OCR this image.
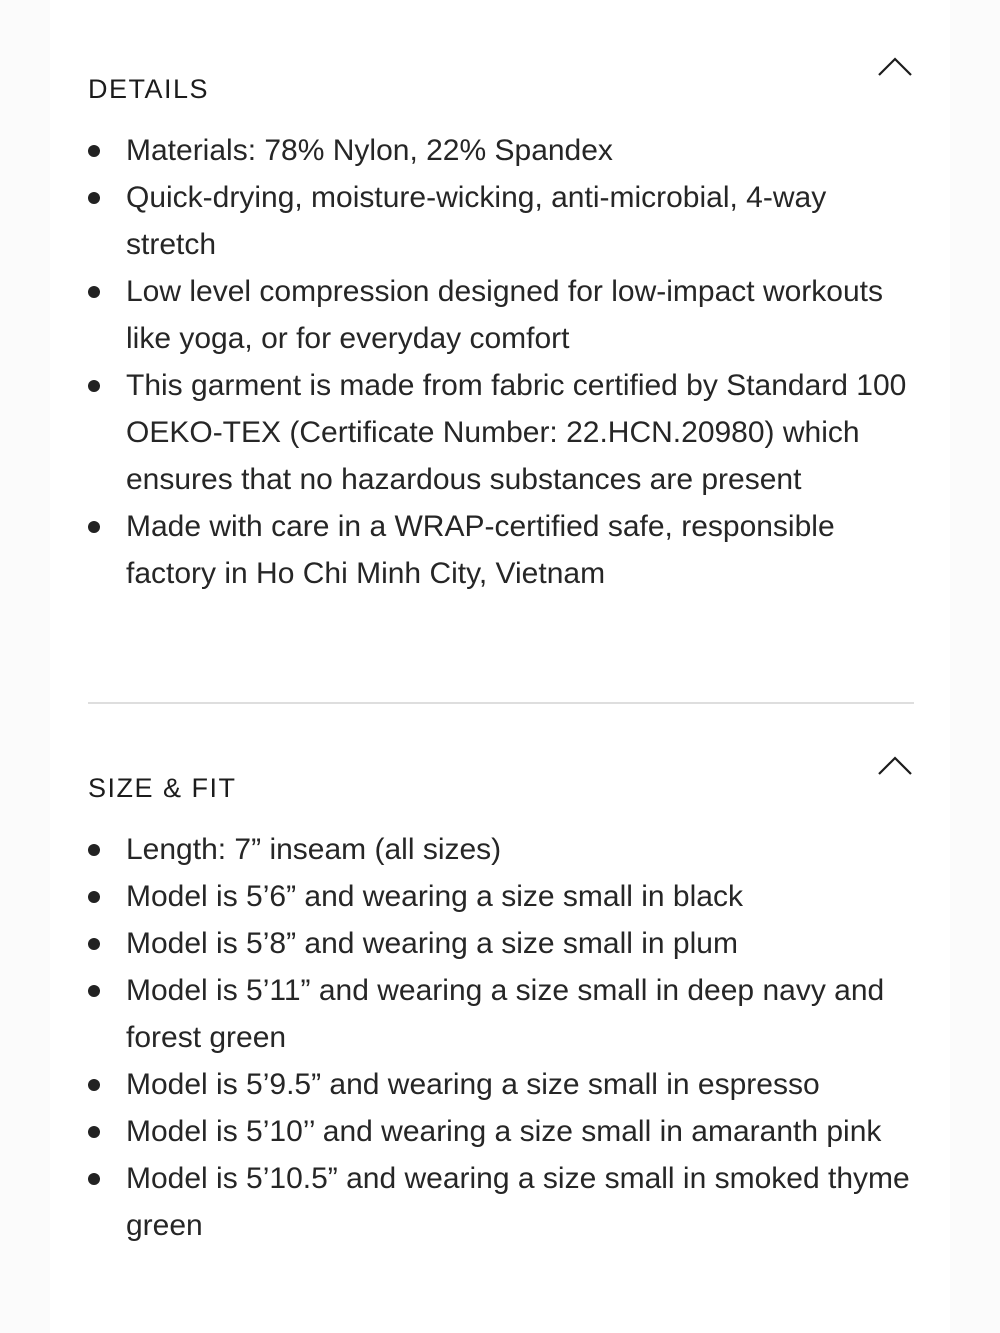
DETAILS
Materials: 78% Nylon, 22% Spandex
Quick-drying, moisture-wicking, anti-microbial, 4-way stretch
Low level compression designed for low-impact workouts like yoga, or for everyday comfort
This garment is made from fabric certified by Standard 100 OEKO-TEX (Certificate Number: 22.HCN.20980) which ensures that no hazardous substances are present
Made with care in a WRAP-certified safe, responsible factory in Ho Chi Minh City, Vietnam
SIZE & FIT
Length: 7” inseam (all sizes)
Model is 5’6” and wearing a size small in black
Model is 5’8” and wearing a size small in plum
Model is 5’11” and wearing a size small in deep navy and forest green
Model is 5’9.5” and wearing a size small in espresso
Model is 5’10’’ and wearing a size small in amaranth pink
Model is 5’10.5” and wearing a size small in smoked thyme green
